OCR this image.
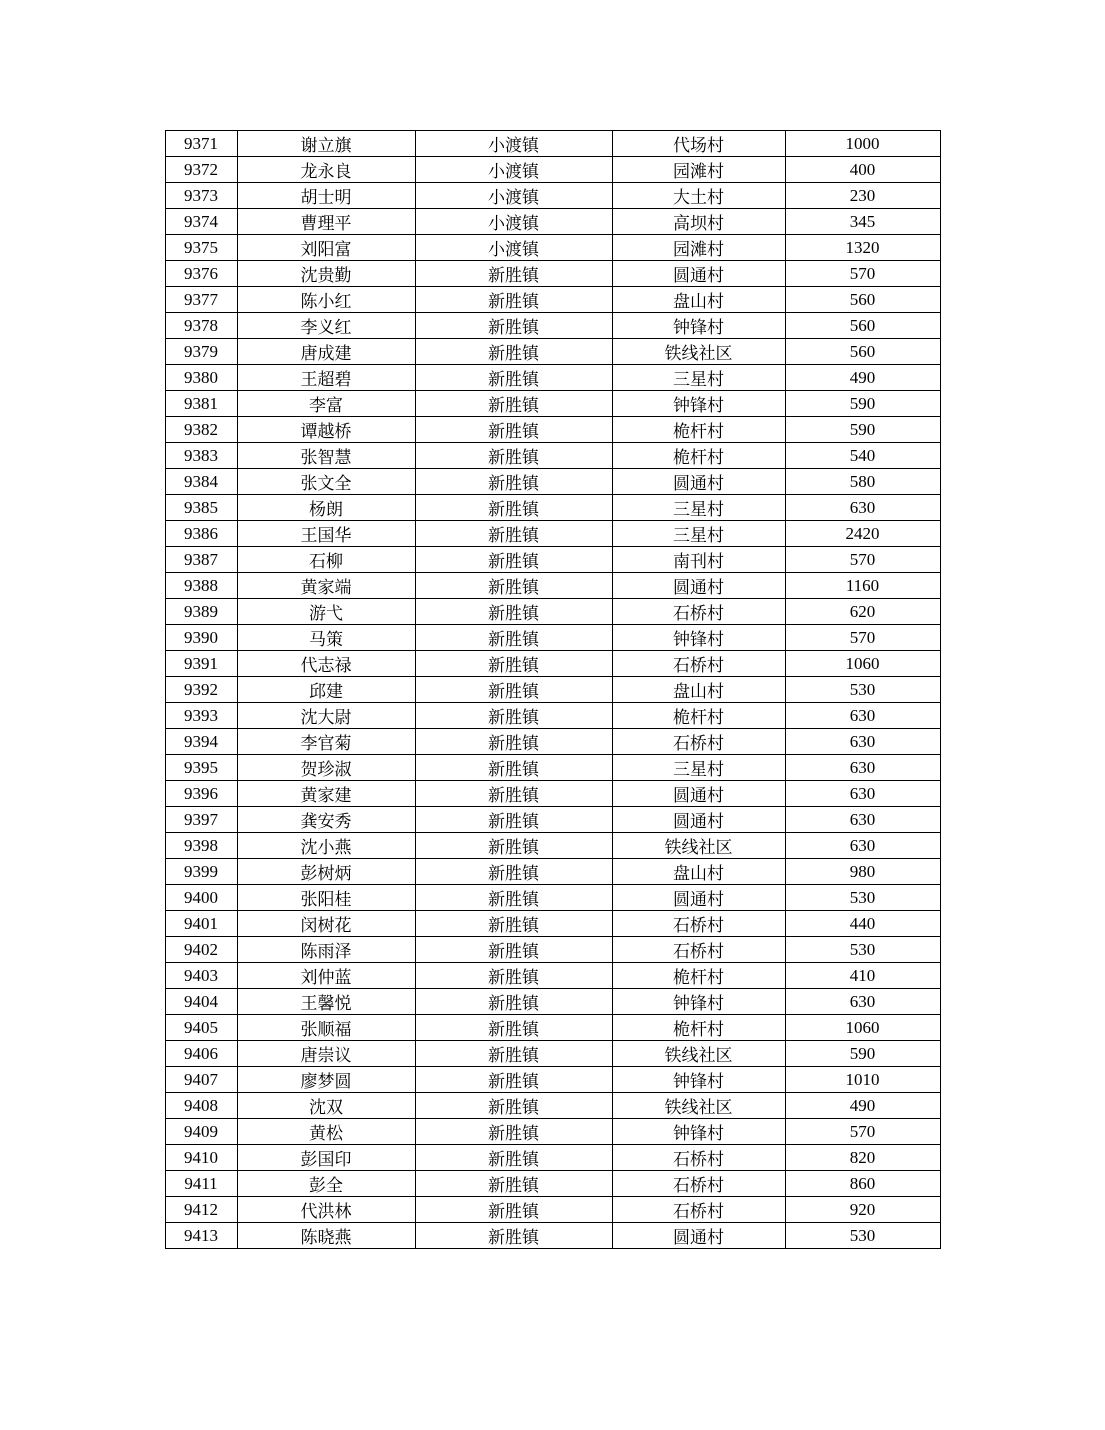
9371	谢立旗	小渡镇	代场村	1000
9372	龙永良	小渡镇	园滩村	400
9373	胡士明	小渡镇	大土村	230
9374	曹理平	小渡镇	高坝村	345
9375	刘阳富	小渡镇	园滩村	1320
9376	沈贵勤	新胜镇	圆通村	570
9377	陈小红	新胜镇	盘山村	560
9378	李义红	新胜镇	钟锋村	560
9379	唐成建	新胜镇	铁线社区	560
9380	王超碧	新胜镇	三星村	490
9381	李富	新胜镇	钟锋村	590
9382	谭越桥	新胜镇	桅杆村	590
9383	张智慧	新胜镇	桅杆村	540
9384	张文全	新胜镇	圆通村	580
9385	杨朗	新胜镇	三星村	630
9386	王国华	新胜镇	三星村	2420
9387	石柳	新胜镇	南刊村	570
9388	黄家端	新胜镇	圆通村	1160
9389	游弋	新胜镇	石桥村	620
9390	马策	新胜镇	钟锋村	570
9391	代志禄	新胜镇	石桥村	1060
9392	邱建	新胜镇	盘山村	530
9393	沈大尉	新胜镇	桅杆村	630
9394	李官菊	新胜镇	石桥村	630
9395	贺珍淑	新胜镇	三星村	630
9396	黄家建	新胜镇	圆通村	630
9397	龚安秀	新胜镇	圆通村	630
9398	沈小燕	新胜镇	铁线社区	630
9399	彭树炳	新胜镇	盘山村	980
9400	张阳桂	新胜镇	圆通村	530
9401	闵树花	新胜镇	石桥村	440
9402	陈雨泽	新胜镇	石桥村	530
9403	刘仲蓝	新胜镇	桅杆村	410
9404	王馨悦	新胜镇	钟锋村	630
9405	张顺福	新胜镇	桅杆村	1060
9406	唐崇议	新胜镇	铁线社区	590
9407	廖梦圆	新胜镇	钟锋村	1010
9408	沈双	新胜镇	铁线社区	490
9409	黄松	新胜镇	钟锋村	570
9410	彭国印	新胜镇	石桥村	820
9411	彭全	新胜镇	石桥村	860
9412	代洪林	新胜镇	石桥村	920
9413	陈晓燕	新胜镇	圆通村	530
